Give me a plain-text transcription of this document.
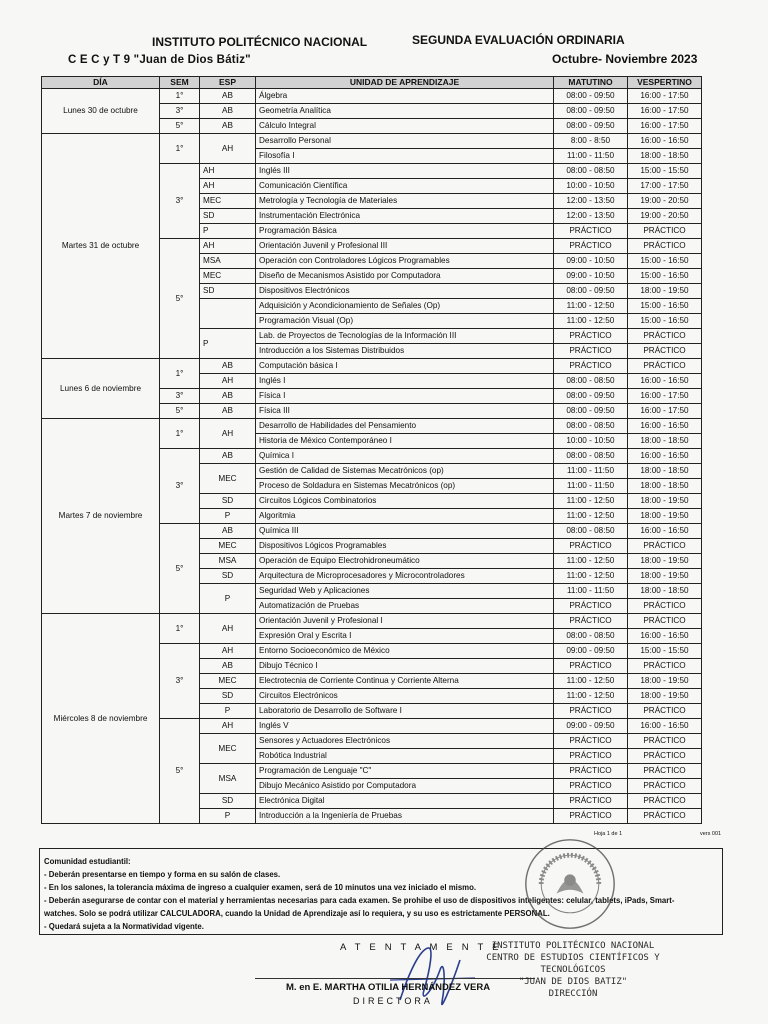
INSTITUTO POLITÉCNICO NACIONAL
C E C y T 9 "Juan de Dios Bátiz"
SEGUNDA EVALUACIÓN ORDINARIA
Octubre- Noviembre 2023
DÍA	SEM	ESP	UNIDAD DE APRENDIZAJE	MATUTINO	VESPERTINO
Lunes 30 de octubre	1°	AB	Álgebra	08:00 - 09:50	16:00 - 17:50
	3°	AB	Geometría Analítica	08:00 - 09:50	16:00 - 17:50
	5°	AB	Cálculo Integral	08:00 - 09:50	16:00 - 17:50
Martes 31 de octubre	1°	AH	Desarrollo Personal	8:00 - 8:50	16:00 - 16:50
			Filosofía I	11:00 - 11:50	18:00 - 18:50
	3°	AH	Inglés III	08:00 - 08:50	15:00 - 15:50
		AH	Comunicación Científica	10:00 - 10:50	17:00 - 17:50
		MEC	Metrología y Tecnología de Materiales	12:00 - 13:50	19:00 - 20:50
		SD	Instrumentación Electrónica	12:00 - 13:50	19:00 - 20:50
		P	Programación Básica	PRÁCTICO	PRÁCTICO
	5°	AH	Orientación Juvenil y Profesional III	PRÁCTICO	PRÁCTICO
		MSA	Operación con Controladores Lógicos Programables	09:00 - 10:50	15:00 - 16:50
		MEC	Diseño de Mecanismos Asistido por Computadora	09:00 - 10:50	15:00 - 16:50
		SD	Dispositivos Electrónicos	08:00 - 09:50	18:00 - 19:50
			Adquisición y Acondicionamiento de Señales (Op)	11:00 - 12:50	15:00 - 16:50
			Programación Visual (Op)	11:00 - 12:50	15:00 - 16:50
		P	Lab. de Proyectos de Tecnologías de la Información III	PRÁCTICO	PRÁCTICO
			Introducción a los Sistemas Distribuidos	PRÁCTICO	PRÁCTICO
Lunes 6 de noviembre	1°	AB	Computación básica I	PRÁCTICO	PRÁCTICO
		AH	Inglés I	08:00 - 08:50	16:00 - 16:50
	3°	AB	Física I	08:00 - 09:50	16:00 - 17:50
	5°	AB	Física III	08:00 - 09:50	16:00 - 17:50
Martes 7 de noviembre	1°	AH	Desarrollo de Habilidades del Pensamiento	08:00 - 08:50	16:00 - 16:50
			Historia de México Contemporáneo I	10:00 - 10:50	18:00 - 18:50
	3°	AB	Química I	08:00 - 08:50	16:00 - 16:50
		MEC	Gestión de Calidad de Sistemas Mecatrónicos (op)	11:00 - 11:50	18:00 - 18:50
			Proceso de Soldadura en Sistemas Mecatrónicos (op)	11:00 - 11:50	18:00 - 18:50
		SD	Circuitos Lógicos Combinatorios	11:00 - 12:50	18:00 - 19:50
		P	Algoritmia	11:00 - 12:50	18:00 - 19:50
	5°	AB	Química III	08:00 - 08:50	16:00 - 16:50
		MEC	Dispositivos Lógicos Programables	PRÁCTICO	PRÁCTICO
		MSA	Operación de Equipo Electrohidroneumático	11:00 - 12:50	18:00 - 19:50
		SD	Arquitectura de Microprocesadores y Microcontroladores	11:00 - 12:50	18:00 - 19:50
		P	Seguridad Web y Aplicaciones	11:00 - 11:50	18:00 - 18:50
			Automatización de Pruebas	PRÁCTICO	PRÁCTICO
Miércoles 8 de noviembre	1°	AH	Orientación Juvenil y Profesional I	PRÁCTICO	PRÁCTICO
			Expresión Oral y Escrita I	08:00 - 08:50	16:00 - 16:50
	3°	AH	Entorno Socioeconómico de México	09:00 - 09:50	15:00 - 15:50
		AB	Dibujo Técnico I	PRÁCTICO	PRÁCTICO
		MEC	Electrotecnia de Corriente Continua y Corriente Alterna	11:00 - 12:50	18:00 - 19:50
		SD	Circuitos Electrónicos	11:00 - 12:50	18:00 - 19:50
		P	Laboratorio de Desarrollo de Software I	PRÁCTICO	PRÁCTICO
	5°	AH	Inglés V	09:00 - 09:50	16:00 - 16:50
		MEC	Sensores y Actuadores Electrónicos	PRÁCTICO	PRÁCTICO
			Robótica Industrial	PRÁCTICO	PRÁCTICO
		MSA	Programación de Lenguaje "C"	PRÁCTICO	PRÁCTICO
			Dibujo Mecánico Asistido por Computadora	PRÁCTICO	PRÁCTICO
		SD	Electrónica Digital	PRÁCTICO	PRÁCTICO
		P	Introducción a la Ingeniería de Pruebas	PRÁCTICO	PRÁCTICO
Hoja 1 de 1	vers 001
Comunidad estudiantil:
- Deberán presentarse en tiempo y forma en su salón de clases.
- En los salones, la tolerancia máxima de ingreso a cualquier examen, será de 10 minutos una vez iniciado el mismo.
- Deberán asegurarse de contar con el material y herramientas necesarias para cada examen. Se prohibe el uso de dispositivos inteligentes: celular, tablets, iPads, Smart-
watches. Solo se podrá utilizar CALCULADORA, cuando la Unidad de Aprendizaje así lo requiera, y su uso es estrictamente PERSONAL.
- Quedará sujeta a la Normatividad vigente.
A T E N T A M E N T E
M. en E. MARTHA OTILIA HERNÁNDEZ VERA
DIRECTORA
INSTITUTO POLITÉCNICO NACIONAL
CENTRO DE ESTUDIOS CIENTÍFICOS Y TECNOLÓGICOS
"JUAN DE DIOS BATIZ"
DIRECCIÓN
